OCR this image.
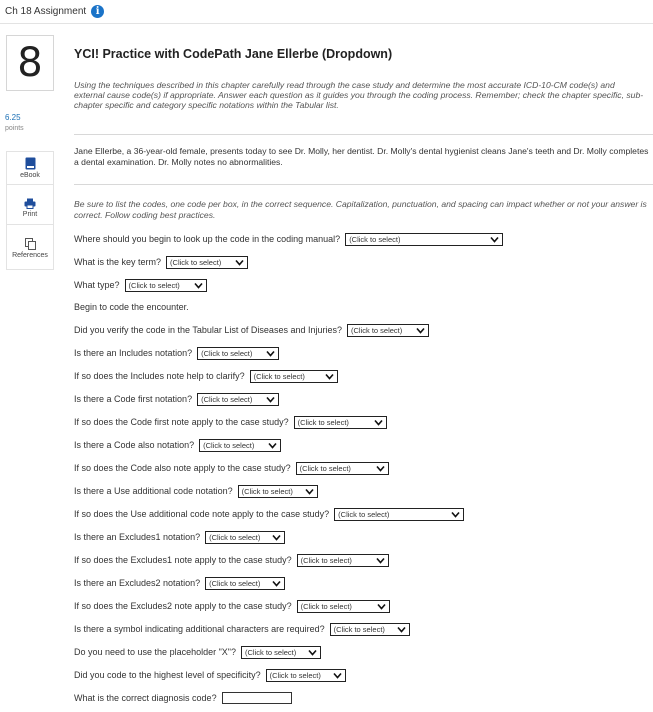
Ch 18 Assignment i
8
6.25
points
eBook
Print
References
YCI! Practice with CodePath Jane Ellerbe (Dropdown)
Using the techniques described in this chapter carefully read through the case study and determine the most accurate ICD-10-CM code(s) and external cause code(s) if appropriate. Answer each question as it guides you through the coding process. Remember; check the chapter specific, sub-chapter specific and category specific notations within the Tabular list.
Jane Ellerbe, a 36-year-old female, presents today to see Dr. Molly, her dentist. Dr. Molly's dental hygienist cleans Jane's teeth and Dr. Molly completes a dental examination. Dr. Molly notes no abnormalities.
Be sure to list the codes, one code per box, in the correct sequence. Capitalization, punctuation, and spacing can impact whether or not your answer is correct. Follow coding best practices.
Where should you begin to look up the code in the coding manual? (Click to select)
What is the key term? (Click to select)
What type? (Click to select)
Begin to code the encounter.
Did you verify the code in the Tabular List of Diseases and Injuries? (Click to select)
Is there an Includes notation? (Click to select)
If so does the Includes note help to clarify? (Click to select)
Is there a Code first notation? (Click to select)
If so does the Code first note apply to the case study? (Click to select)
Is there a Code also notation? (Click to select)
If so does the Code also note apply to the case study? (Click to select)
Is there a Use additional code notation? (Click to select)
If so does the Use additional code note apply to the case study? (Click to select)
Is there an Excludes1 notation? (Click to select)
If so does the Excludes1 note apply to the case study? (Click to select)
Is there an Excludes2 notation? (Click to select)
If so does the Excludes2 note apply to the case study? (Click to select)
Is there a symbol indicating additional characters are required? (Click to select)
Do you need to use the placeholder "X"? (Click to select)
Did you code to the highest level of specificity? (Click to select)
What is the correct diagnosis code?
